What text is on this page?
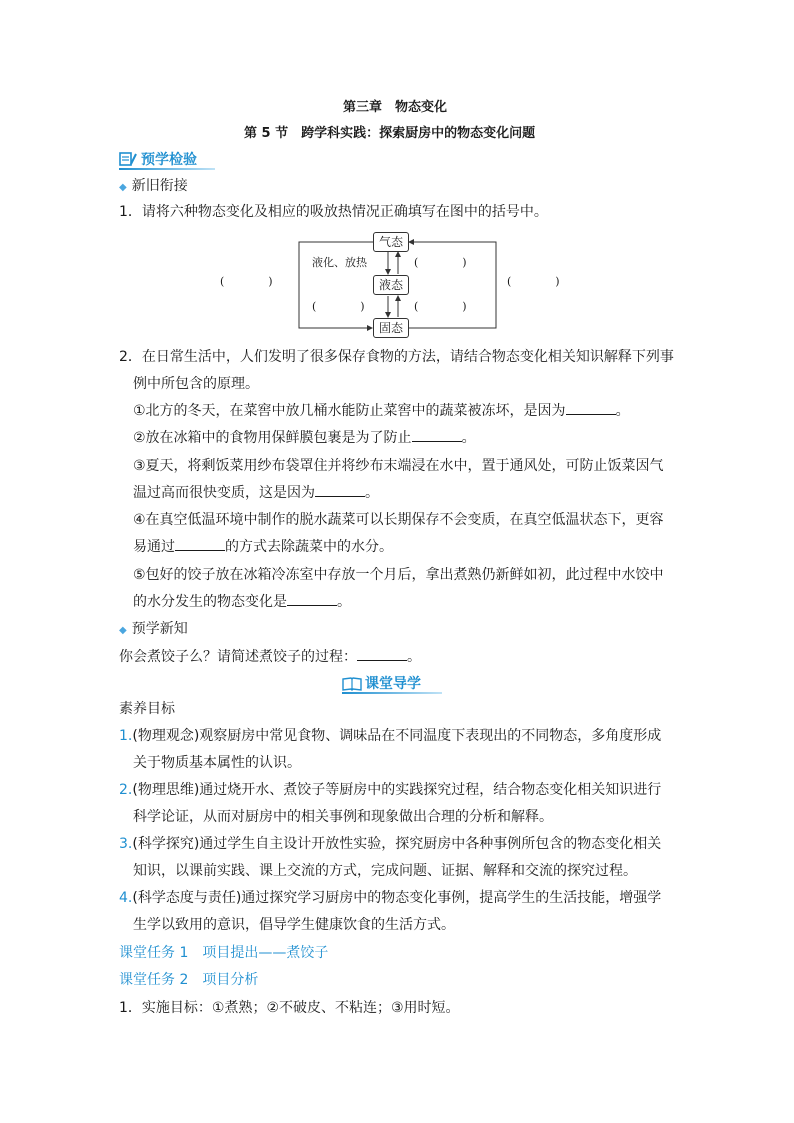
第三章　物态变化
第 5 节　跨学科实践：探索厨房中的物态变化问题
预学检验
◆ 新旧衔接
1．请将六种物态变化及相应的吸放热情况正确填写在图中的括号中。
气态
液态
固态
液化、放热
(　　　　)
(　　　　)
(　　　　)	(　　　　)
(　　　　)
2．在日常生活中，人们发明了很多保存食物的方法，请结合物态变化相关知识解释下列事
例中所包含的原理。
①北方的冬天，在菜窖中放几桶水能防止菜窖中的蔬菜被冻坏，是因为	。
②放在冰箱中的食物用保鲜膜包裹是为了防止	。
③夏天，将剩饭菜用纱布袋罩住并将纱布末端浸在水中，置于通风处，可防止饭菜因气
温过高而很快变质，这是因为	。
④在真空低温环境中制作的脱水蔬菜可以长期保存不会变质，在真空低温状态下，更容
易通过	的方式去除蔬菜中的水分。
⑤包好的饺子放在冰箱冷冻室中存放一个月后，拿出煮熟仍新鲜如初，此过程中水饺中
的水分发生的物态变化是	。
◆ 预学新知
你会煮饺子么？请简述煮饺子的过程：	。
课堂导学
素养目标
1.(物理观念)观察厨房中常见食物、调味品在不同温度下表现出的不同物态，多角度形成
关于物质基本属性的认识。
2.(物理思维)通过烧开水、煮饺子等厨房中的实践探究过程，结合物态变化相关知识进行
科学论证，从而对厨房中的相关事例和现象做出合理的分析和解释。
3.(科学探究)通过学生自主设计开放性实验，探究厨房中各种事例所包含的物态变化相关
知识，以课前实践、课上交流的方式，完成问题、证据、解释和交流的探究过程。
4.(科学态度与责任)通过探究学习厨房中的物态变化事例，提高学生的生活技能，增强学
生学以致用的意识，倡导学生健康饮食的生活方式。
课堂任务 1　项目提出——煮饺子
课堂任务 2　项目分析
1．实施目标：①煮熟；②不破皮、不粘连；③用时短。
